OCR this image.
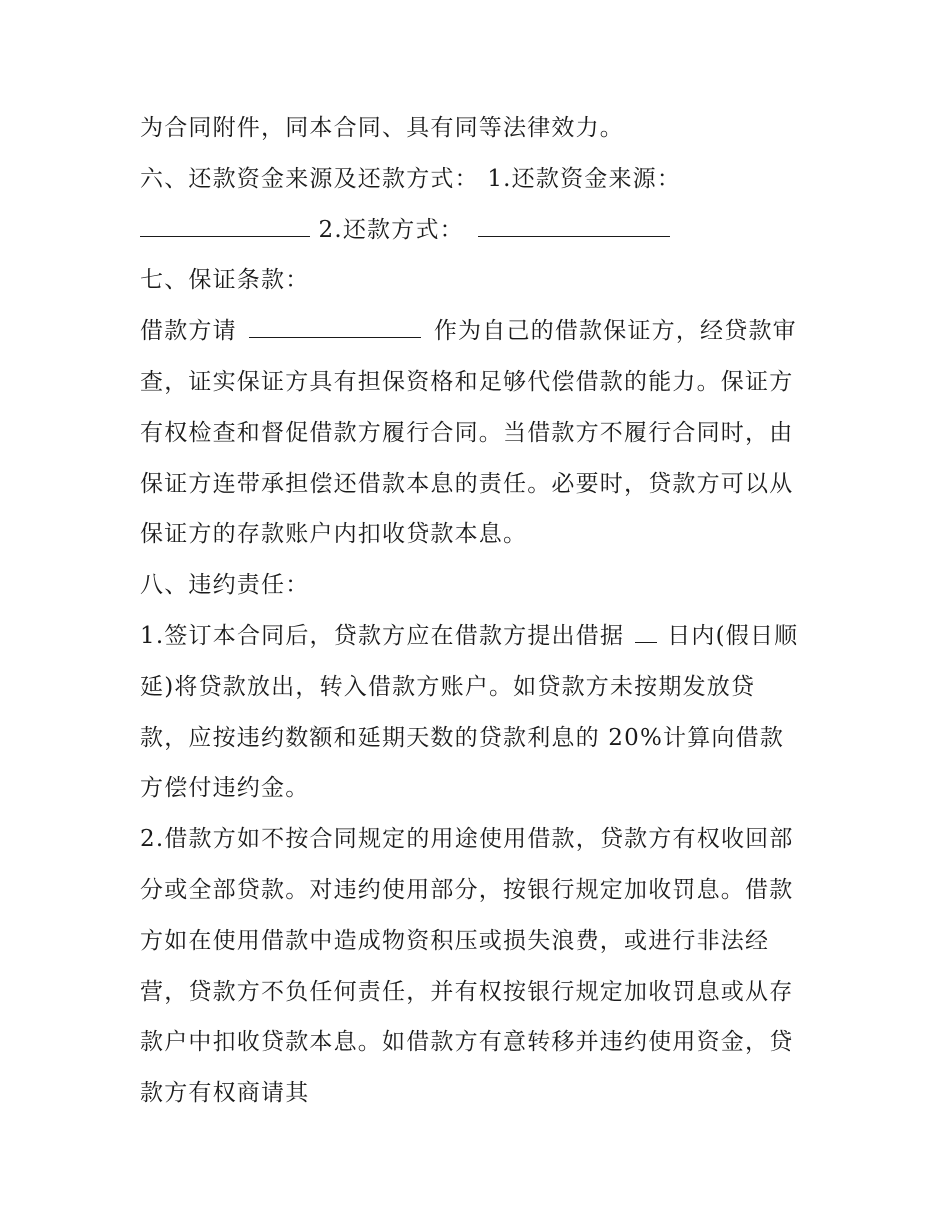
为合同附件，同本合同、具有同等法律效力。
六、还款资金来源及还款方式： 1.还款资金来源：
2.还款方式：
七、保证条款：
借款方请	作为自己的借款保证方，经贷款审
查，证实保证方具有担保资格和足够代偿借款的能力。保证方
有权检查和督促借款方履行合同。当借款方不履行合同时，由
保证方连带承担偿还借款本息的责任。必要时，贷款方可以从
保证方的存款账户内扣收贷款本息。
八、违约责任：
1.签订本合同后，贷款方应在借款方提出借据 日内(假日顺
延)将贷款放出，转入借款方账户。如贷款方未按期发放贷
款，应按违约数额和延期天数的贷款利息的 20%计算向借款
方偿付违约金。
2.借款方如不按合同规定的用途使用借款，贷款方有权收回部
分或全部贷款。对违约使用部分，按银行规定加收罚息。借款
方如在使用借款中造成物资积压或损失浪费，或进行非法经
营，贷款方不负任何责任，并有权按银行规定加收罚息或从存
款户中扣收贷款本息。如借款方有意转移并违约使用资金，贷
款方有权商请其
